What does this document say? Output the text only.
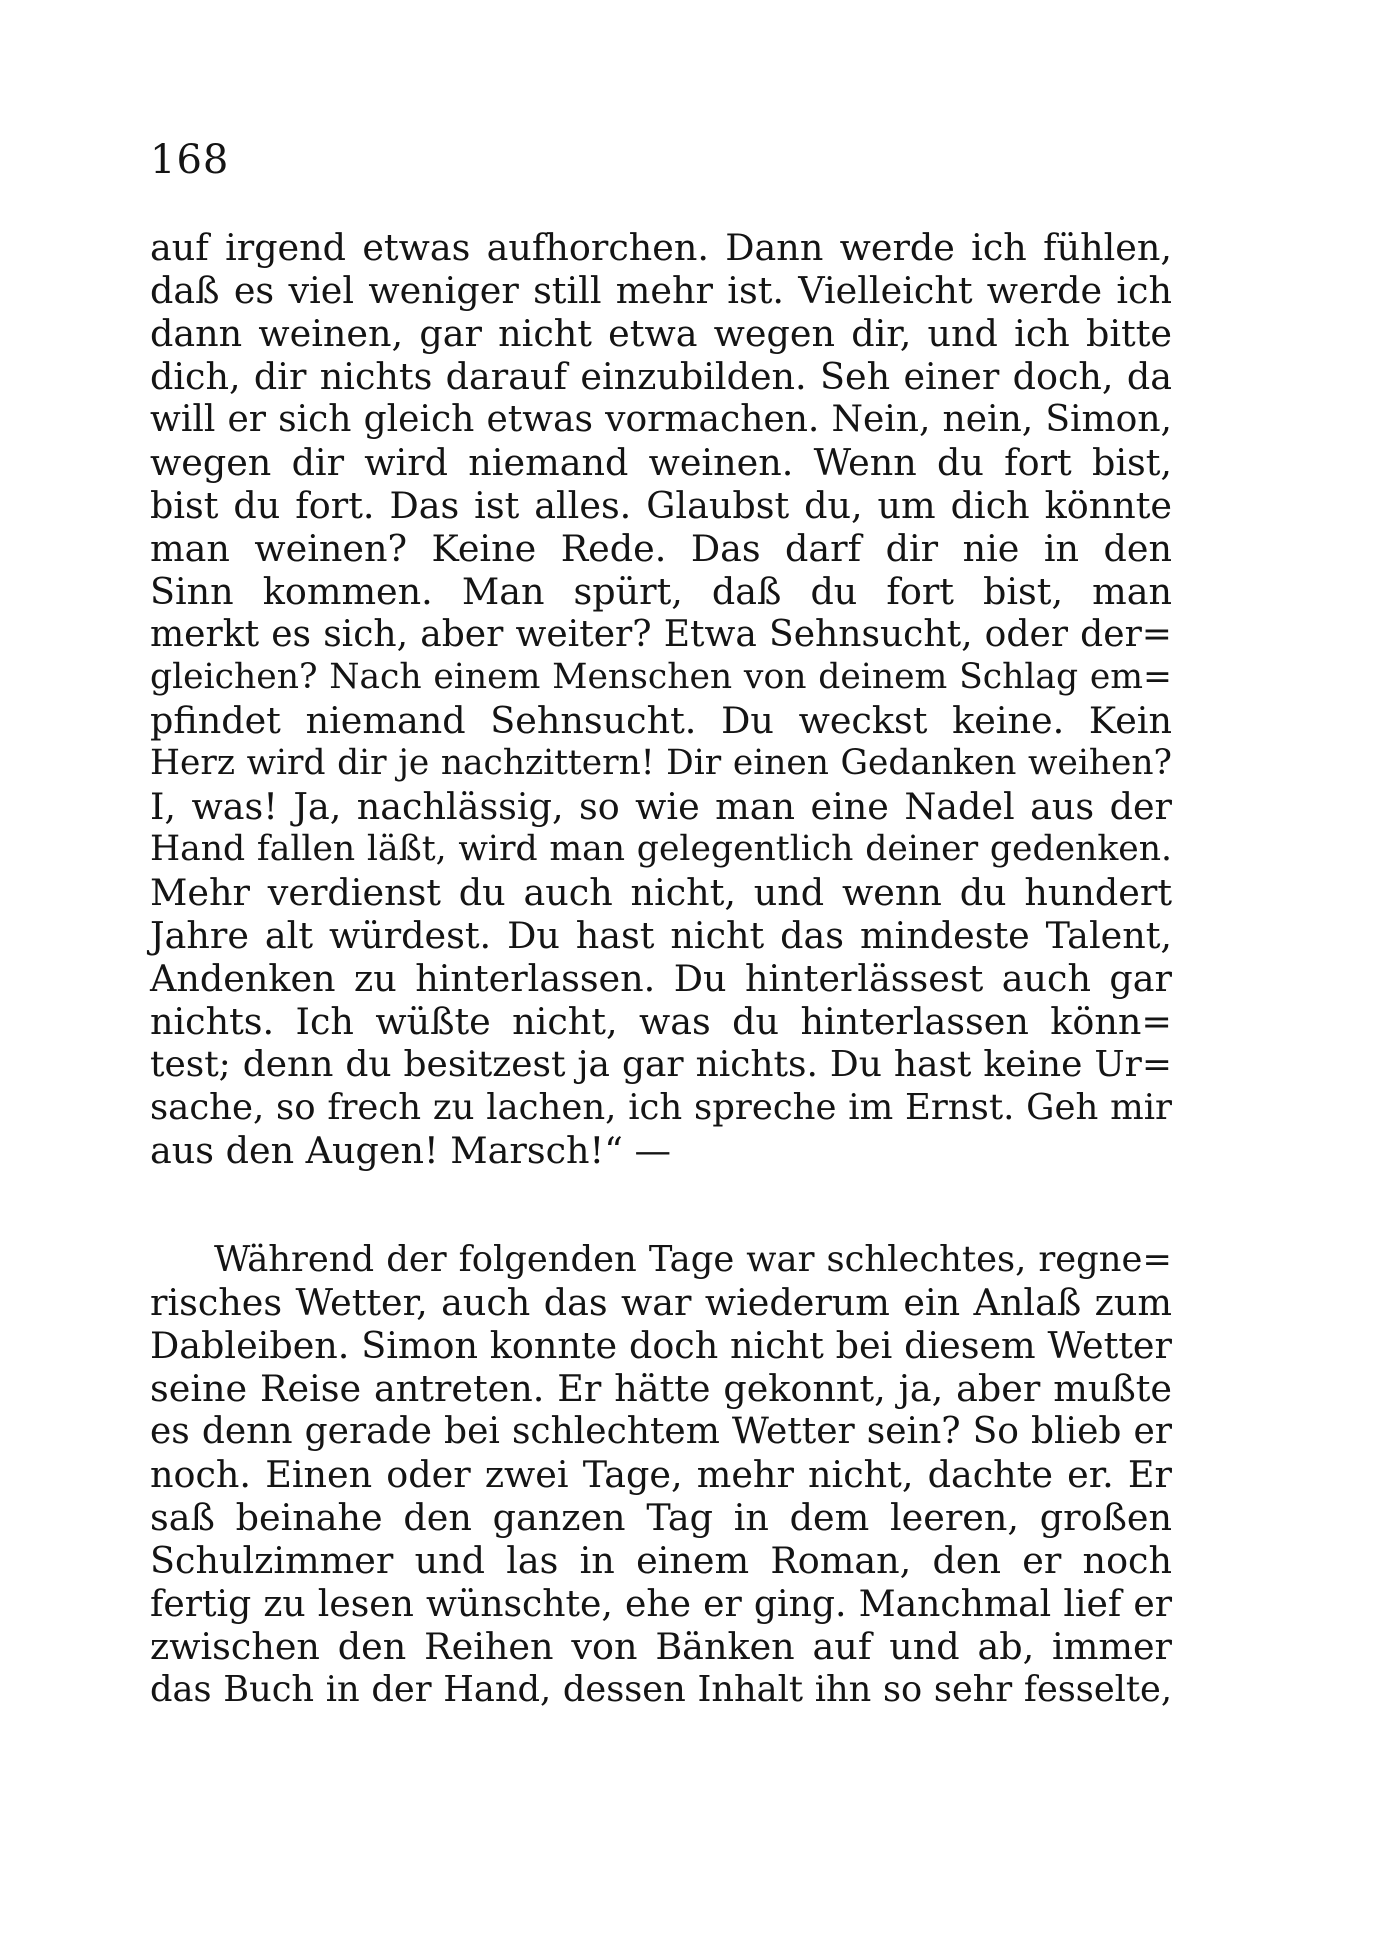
168
auf irgend etwas aufhorchen. Dann werde ich fühlen,
daß es viel weniger still mehr ist. Vielleicht werde ich
dann weinen, gar nicht etwa wegen dir, und ich bitte
dich, dir nichts darauf einzubilden. Seh einer doch, da
will er sich gleich etwas vormachen. Nein, nein, Simon,
wegen dir wird niemand weinen. Wenn du fort bist,
bist du fort. Das ist alles. Glaubst du, um dich könnte
man weinen? Keine Rede. Das darf dir nie in den
Sinn kommen. Man spürt, daß du fort bist, man
merkt es sich, aber weiter? Etwa Sehnsucht, oder der=
gleichen? Nach einem Menschen von deinem Schlag em=
pfindet niemand Sehnsucht. Du weckst keine. Kein
Herz wird dir je nachzittern! Dir einen Gedanken weihen?
I, was! Ja, nachlässig, so wie man eine Nadel aus der
Hand fallen läßt, wird man gelegentlich deiner gedenken.
Mehr verdienst du auch nicht, und wenn du hundert
Jahre alt würdest. Du hast nicht das mindeste Talent,
Andenken zu hinterlassen. Du hinterlässest auch gar
nichts. Ich wüßte nicht, was du hinterlassen könn=
test; denn du besitzest ja gar nichts. Du hast keine Ur=
sache, so frech zu lachen, ich spreche im Ernst. Geh mir
aus den Augen! Marsch!“ —
Während der folgenden Tage war schlechtes, regne=
risches Wetter, auch das war wiederum ein Anlaß zum
Dableiben. Simon konnte doch nicht bei diesem Wetter
seine Reise antreten. Er hätte gekonnt, ja, aber mußte
es denn gerade bei schlechtem Wetter sein? So blieb er
noch. Einen oder zwei Tage, mehr nicht, dachte er. Er
saß beinahe den ganzen Tag in dem leeren, großen
Schulzimmer und las in einem Roman, den er noch
fertig zu lesen wünschte, ehe er ging. Manchmal lief er
zwischen den Reihen von Bänken auf und ab, immer
das Buch in der Hand, dessen Inhalt ihn so sehr fesselte,
